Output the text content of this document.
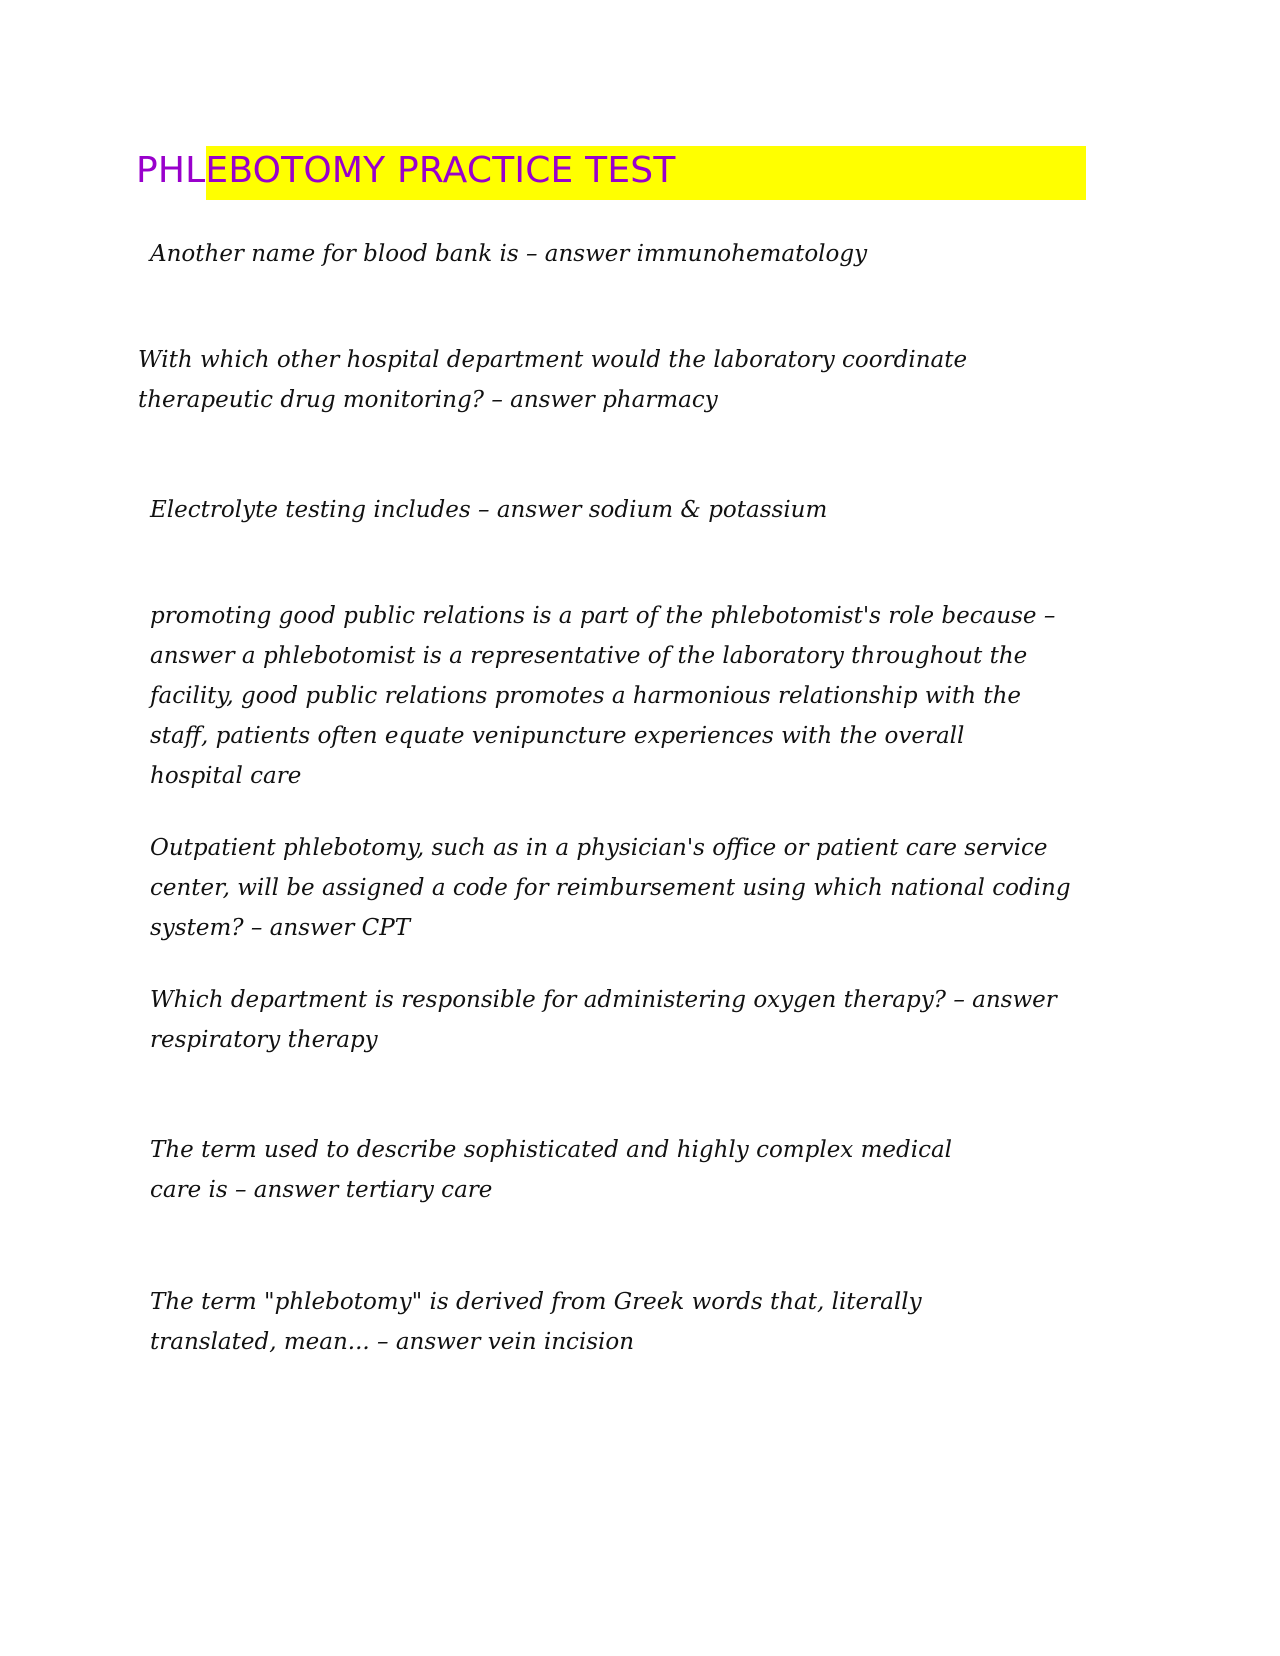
PHLEBOTOMY PRACTICE TEST

Another name for blood bank is – answer immunohematology

With which other hospital department would the laboratory coordinate therapeutic drug monitoring? – answer pharmacy

Electrolyte testing includes – answer sodium & potassium

promoting good public relations is a part of the phlebotomist's role because – answer a phlebotomist is a representative of the laboratory throughout the facility, good public relations promotes a harmonious relationship with the staff, patients often equate venipuncture experiences with the overall hospital care

Outpatient phlebotomy, such as in a physician's office or patient care service center, will be assigned a code for reimbursement using which national coding system? – answer CPT

Which department is responsible for administering oxygen therapy? – answer respiratory therapy

The term used to describe sophisticated and highly complex medical care is – answer tertiary care

The term "phlebotomy" is derived from Greek words that, literally translated, mean... – answer vein incision
